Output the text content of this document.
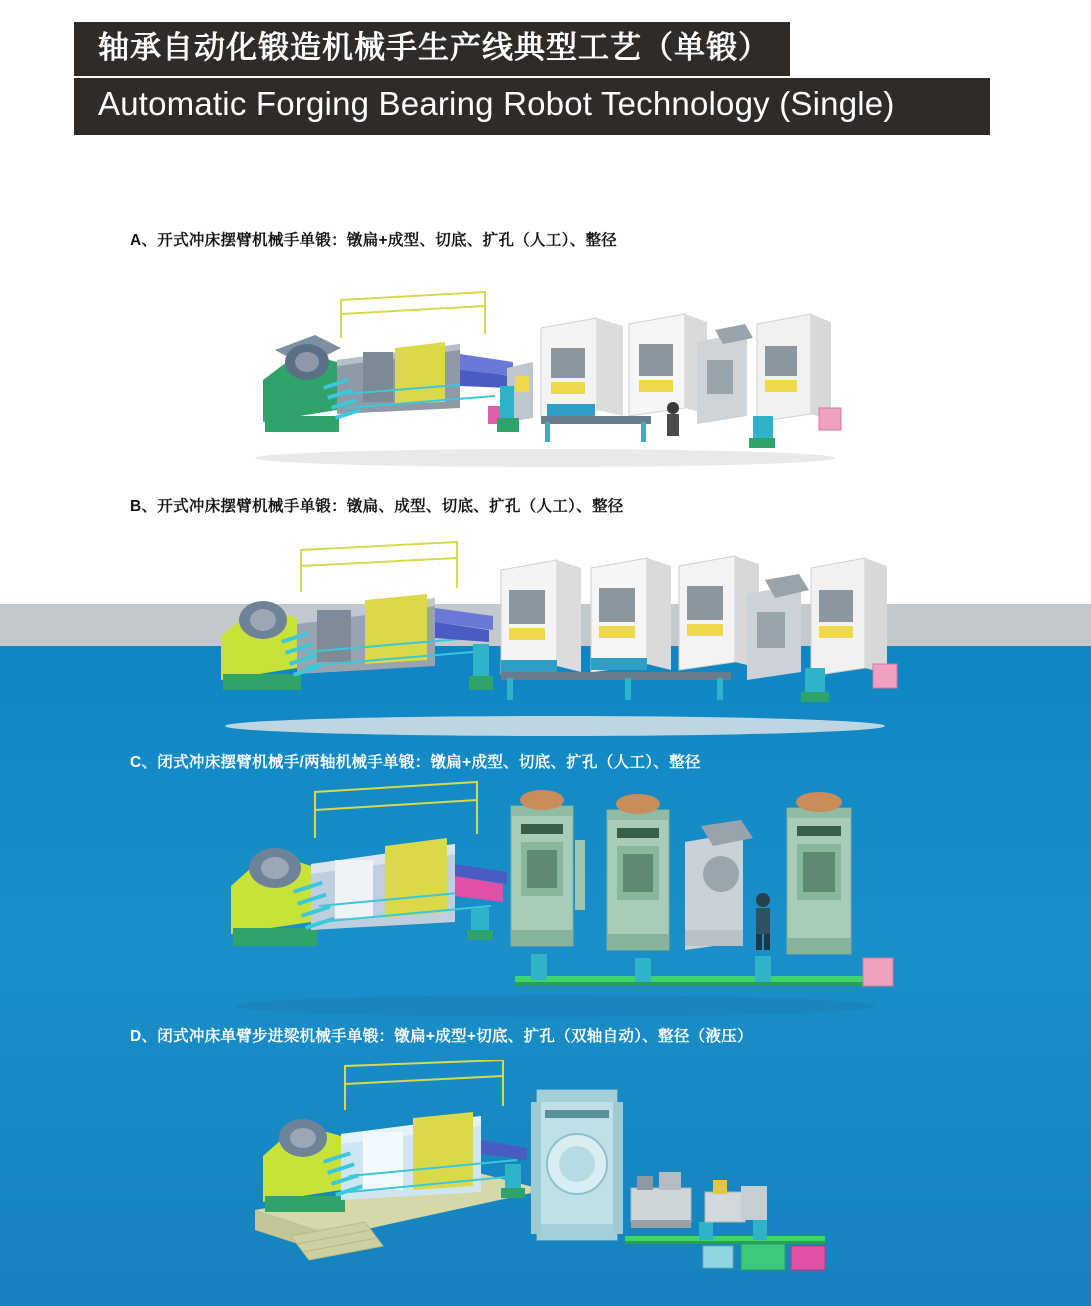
轴承自动化锻造机械手生产线典型工艺（单锻）
Automatic Forging Bearing Robot Technology (Single)
A、开式冲床摆臂机械手单锻：镦扁+成型、切底、扩孔（人工）、整径
B、开式冲床摆臂机械手单锻：镦扁、成型、切底、扩孔（人工）、整径
C、闭式冲床摆臂机械手/两轴机械手单锻：镦扁+成型、切底、扩孔（人工）、整径
D、闭式冲床单臂步进梁机械手单锻：镦扁+成型+切底、扩孔（双轴自动）、整径（液压）
